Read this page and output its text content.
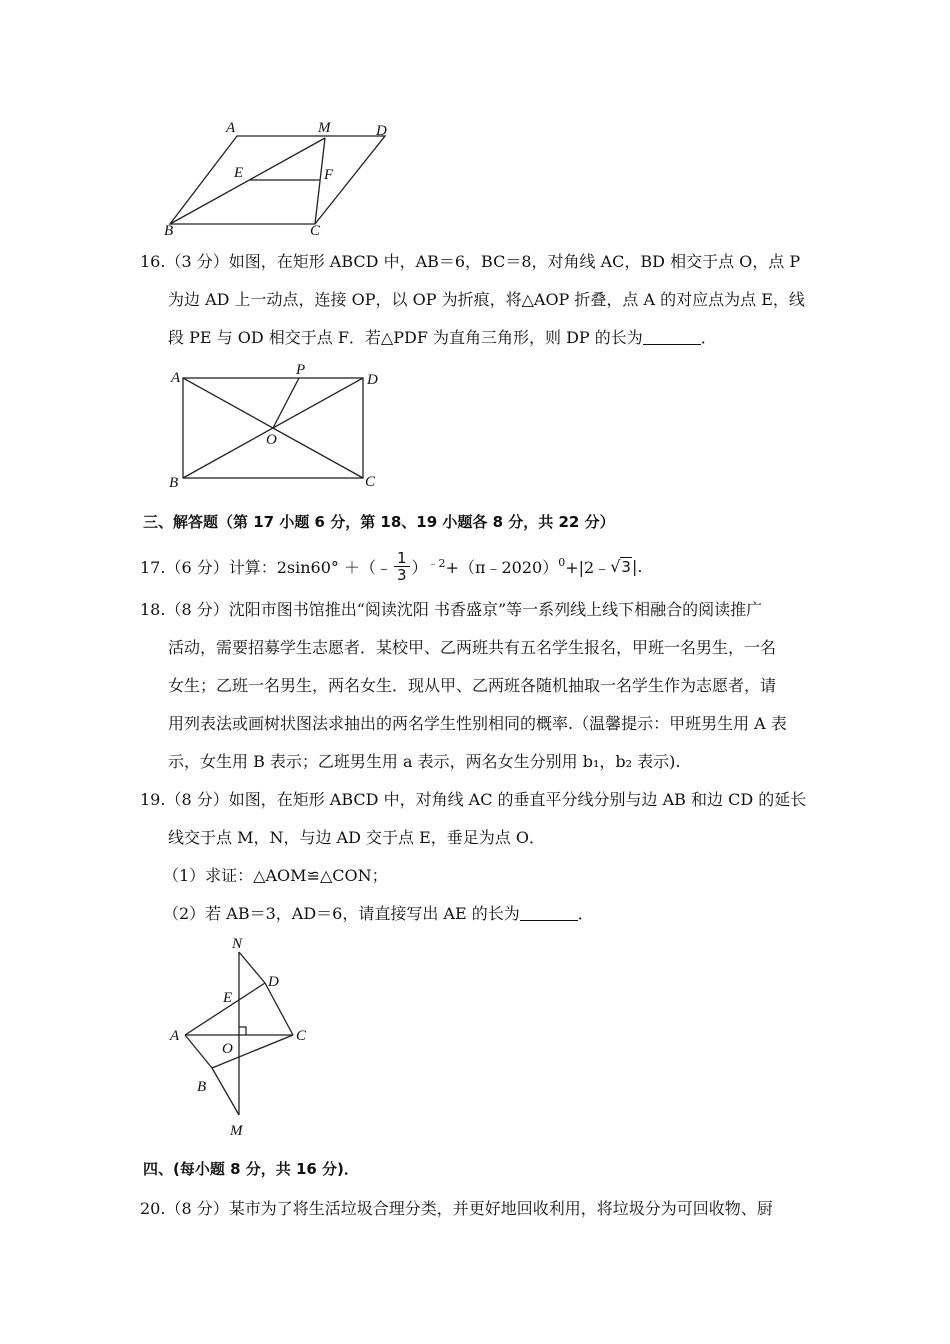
A	M	D
E	F
B	C
16.（3 分）如图，在矩形 ABCD 中，AB＝6，BC＝8，对角线 AC，BD 相交于点 O，点 P
为边 AD 上一动点，连接 OP，以 OP 为折痕，将△AOP 折叠，点 A 的对应点为点 E，线
段 PE 与 OD 相交于点 F．若△PDF 为直角三角形，则 DP 的长为	．
A	P
D
O
B	C
三、解答题（第 17 小题 6 分，第 18、19 小题各 8 分，共 22 分）
17.（6 分）计算：2sin60° ＋（﹣ $\frac{1}{3} )^{﹣2}$ +（π﹣2020）$^0$ +|2﹣ √ 3 |.
18.（8 分）沈阳市图书馆推出“阅读沈阳 书香盛京”等一系列线上线下相融合的阅读推广
活动，需要招募学生志愿者．某校甲、乙两班共有五名学生报名，甲班一名男生，一名
女生；乙班一名男生，两名女生．现从甲、乙两班各随机抽取一名学生作为志愿者，请
用列表法或画树状图法求抽出的两名学生性别相同的概率.（温馨提示：甲班男生用 A 表
示，女生用 B 表示；乙班男生用 a 表示，两名女生分别用 b₁，b₂ 表示).
19.（8 分）如图，在矩形 ABCD 中，对角线 AC 的垂直平分线分别与边 AB 和边 CD 的延长
线交于点 M，N，与边 AD 交于点 E，垂足为点 O．
（1）求证：△AOM≌△CON；
（2）若 AB＝3，AD＝6，请直接写出 AE 的长为	．
N
D
E
A
O
C
B
M
四、(每小题 8 分，共 16 分)．
20.（8 分）某市为了将生活垃圾合理分类，并更好地回收利用，将垃圾分为可回收物、厨
